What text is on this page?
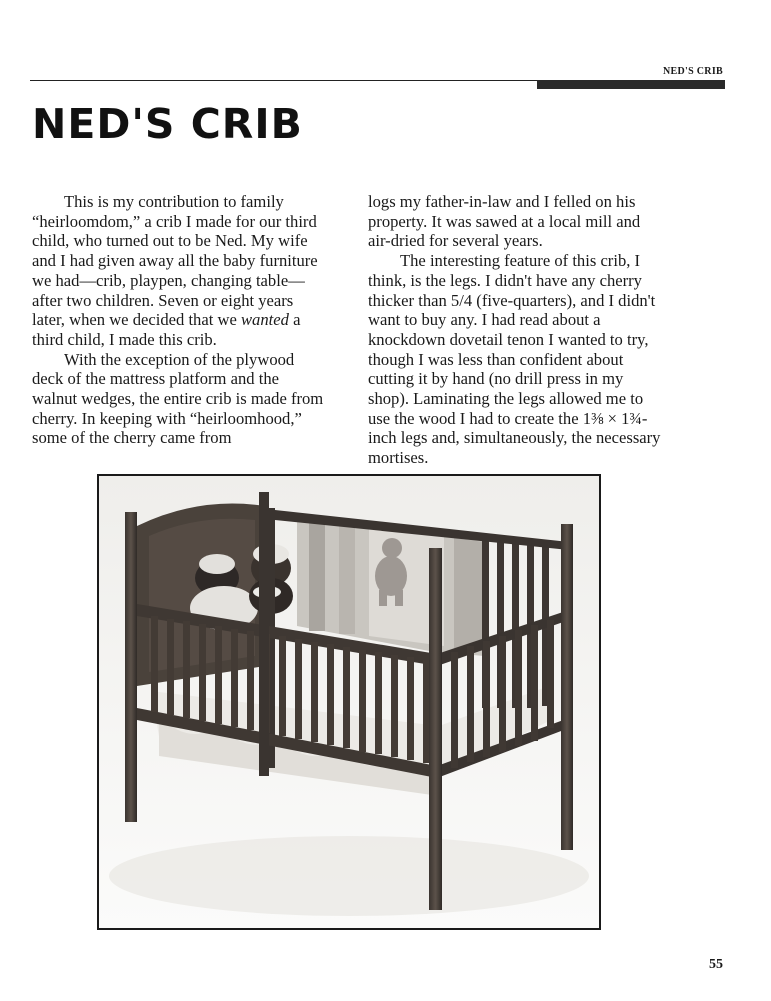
NED'S CRIB
NED'S CRIB

This is my contribution to family “heirloomdom,” a crib I made for our third child, who turned out to be Ned. My wife and I had given away all the baby furniture we had—crib, playpen, changing table—after two children. Seven or eight years later, when we decided that we wanted a third child, I made this crib.

With the exception of the plywood deck of the mattress platform and the walnut wedges, the entire crib is made from cherry. In keeping with “heirloomhood,” some of the cherry came from

logs my father-in-law and I felled on his property. It was sawed at a local mill and air-dried for several years.

The interesting feature of this crib, I think, is the legs. I didn't have any cherry thicker than 5/4 (five-quarters), and I didn't want to buy any. I had read about a knockdown dovetail tenon I wanted to try, though I was less than confident about cutting it by hand (no drill press in my shop). Laminating the legs allowed me to use the wood I had to create the 1⅜ × 1¾-inch legs and, simultaneously, the necessary mortises.

55
